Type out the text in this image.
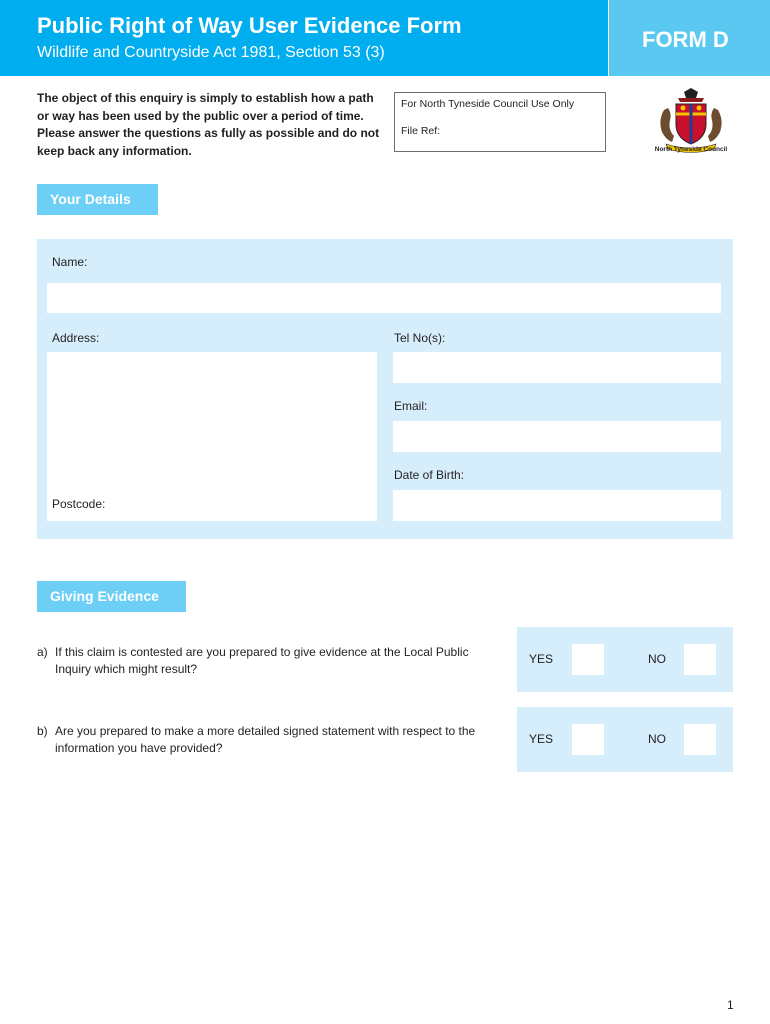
Public Right of Way User Evidence Form
Wildlife and Countryside Act 1981, Section 53 (3)
FORM D
The object of this enquiry is simply to establish how a path or way has been used by the public over a period of time. Please answer the questions as fully as possible and do not keep back any information.
For North Tyneside Council Use Only
File Ref:
North Tyneside Council
Your Details
Name:
Address:
Postcode:
Tel No(s):
Email:
Date of Birth:
Giving Evidence
a) If this claim is contested are you prepared to give evidence at the Local Public Inquiry which might result?
YES	NO
b) Are you prepared to make a more detailed signed statement with respect to the information you have provided?
YES	NO
1
